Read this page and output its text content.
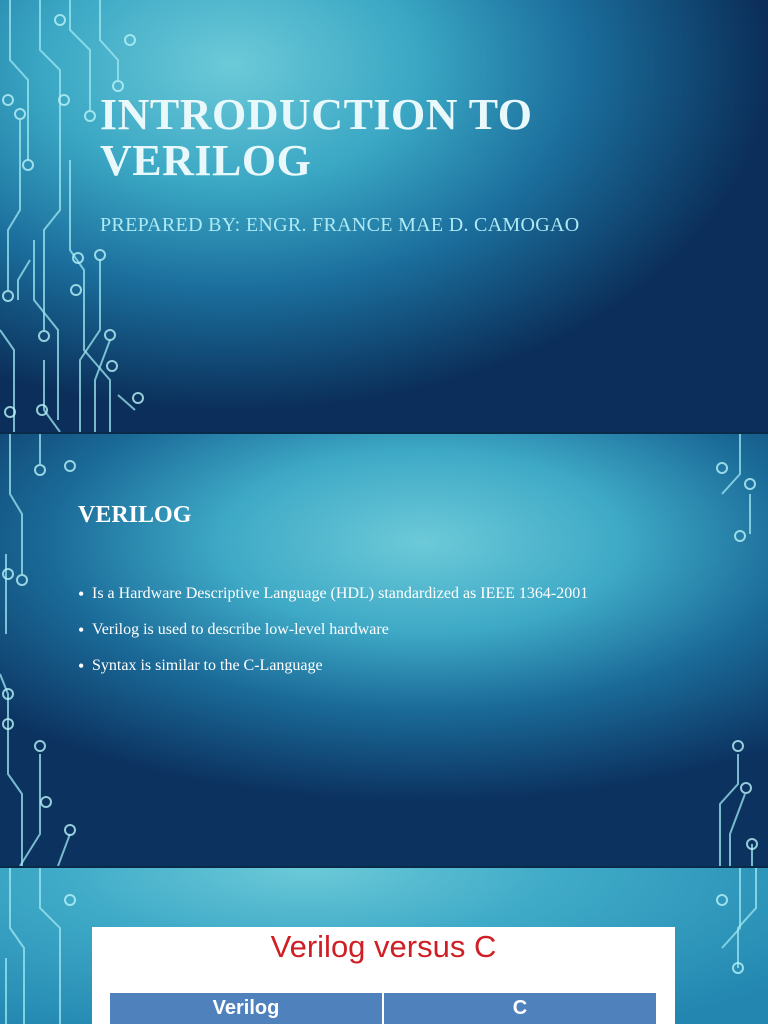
INTRODUCTION TO VERILOG
PREPARED BY: ENGR. FRANCE MAE D. CAMOGAO
VERILOG
• Is a Hardware Descriptive Language (HDL) standardized as IEEE 1364-2001
• Verilog is used to describe low-level hardware
• Syntax is similar to the C-Language
Verilog versus C
Verilog	C
